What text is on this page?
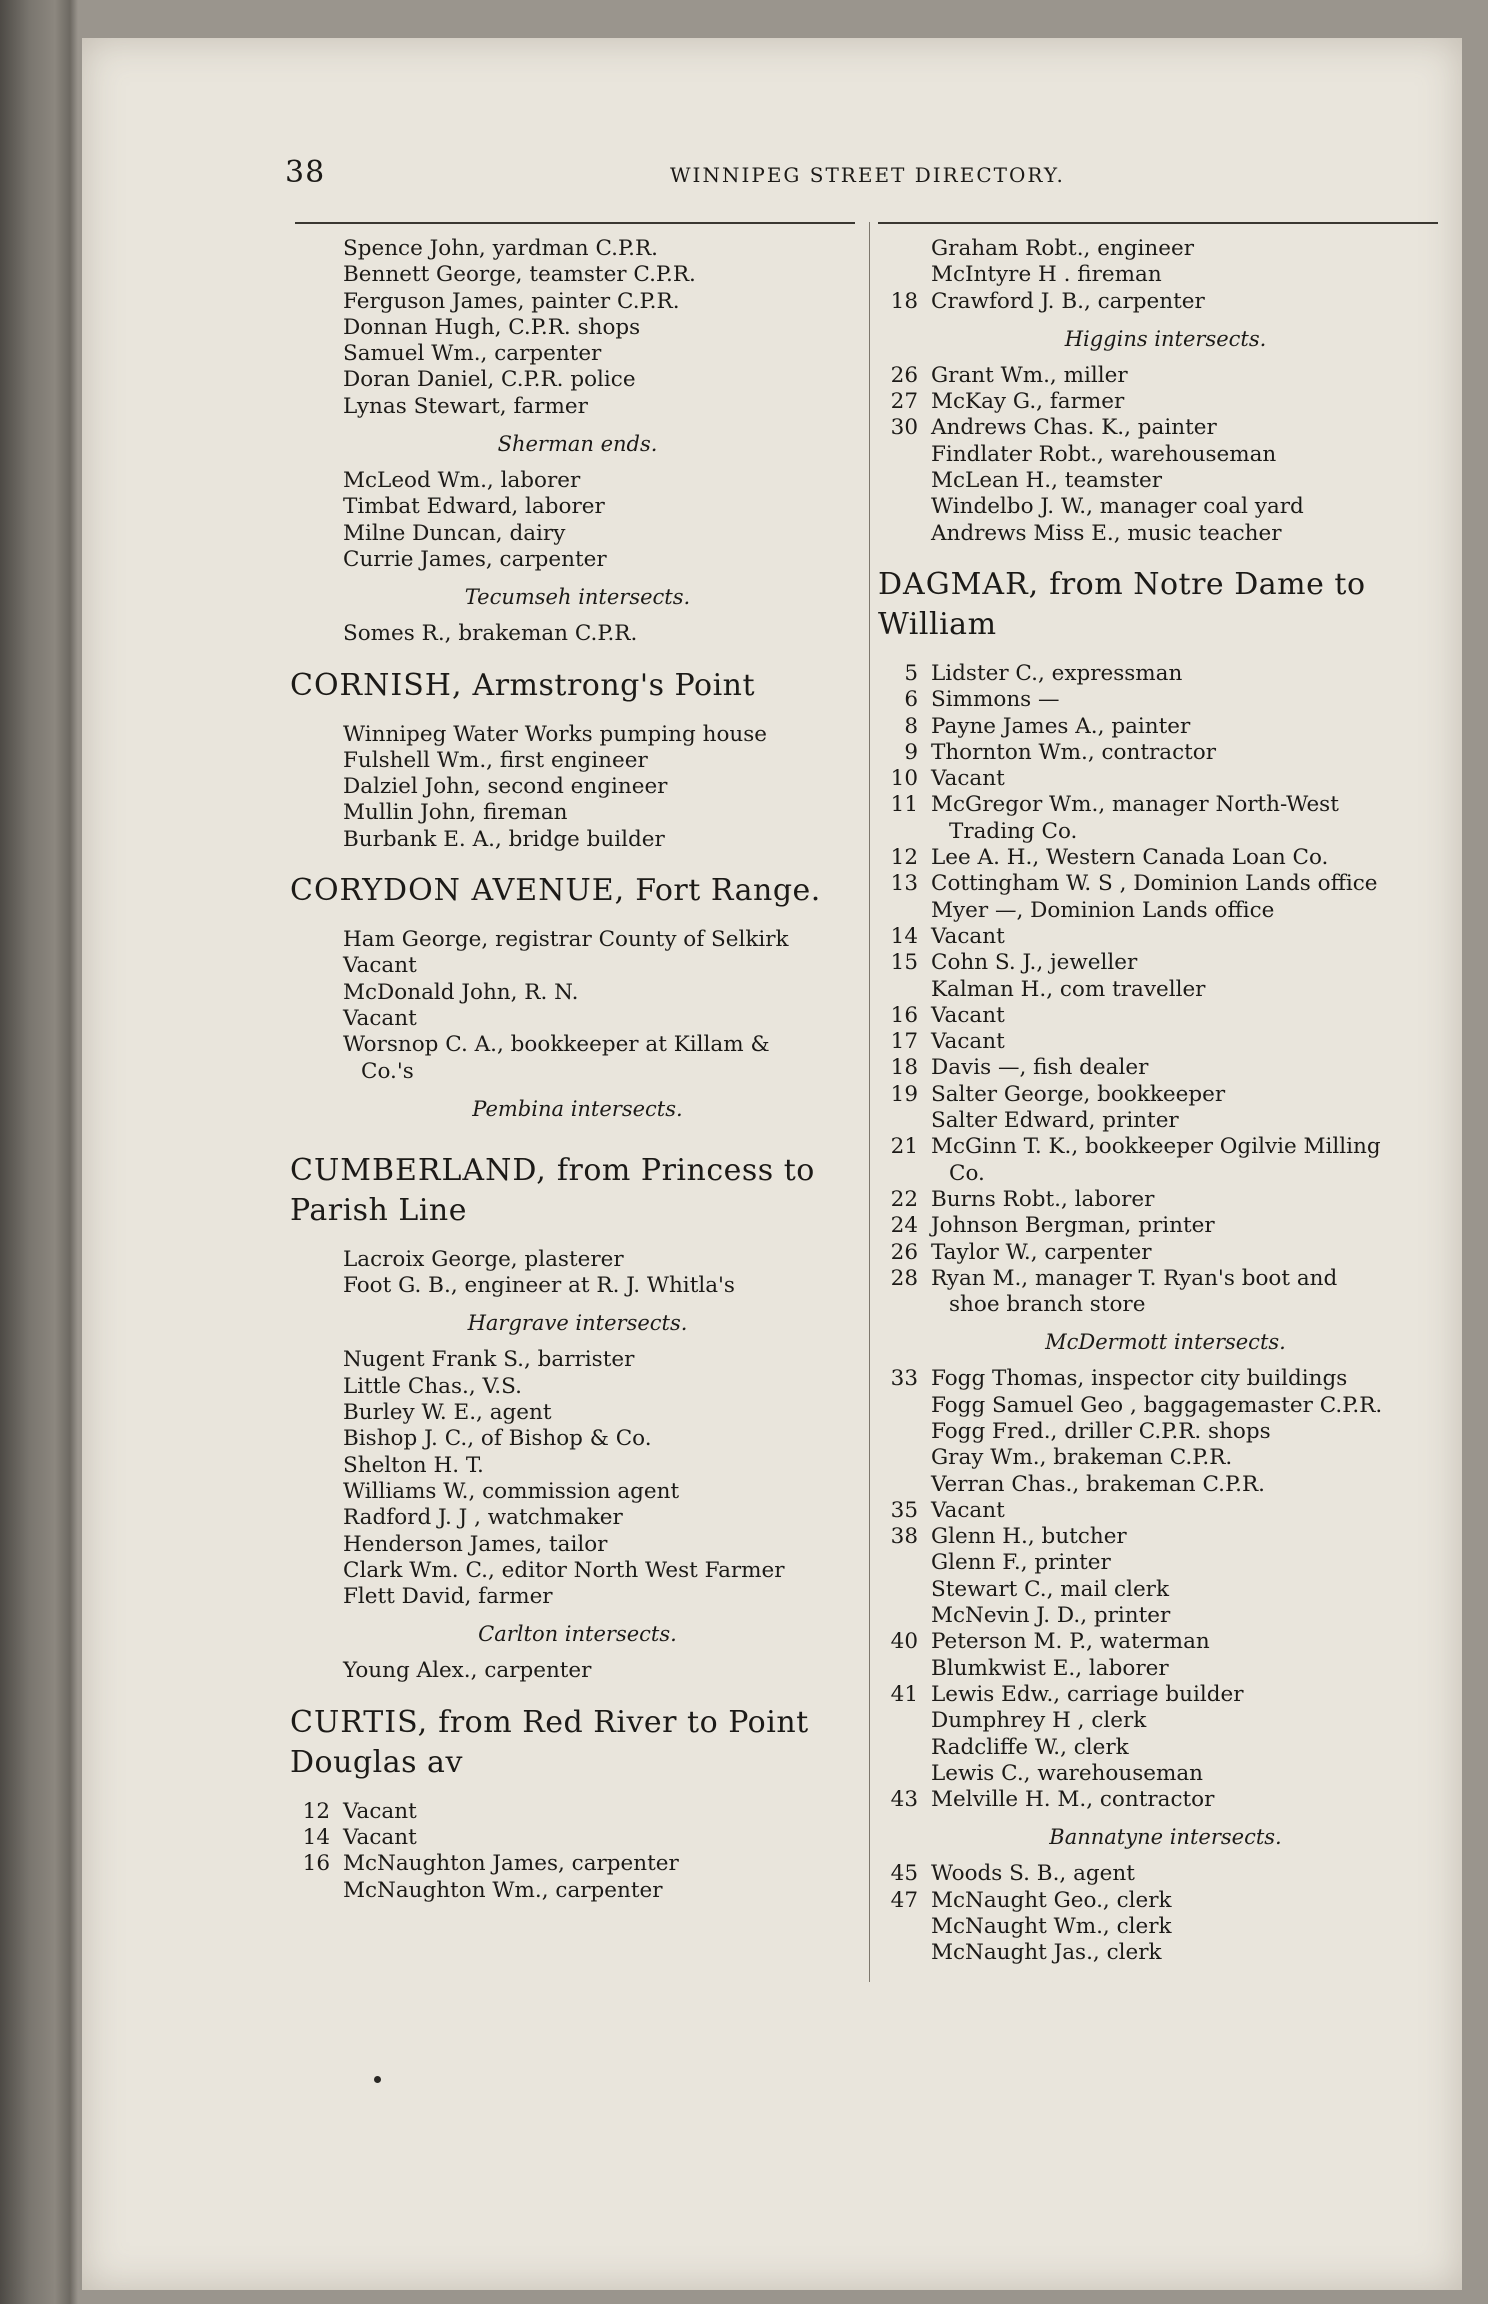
38	WINNIPEG STREET DIRECTORY.
Spence John, yardman C.P.R.
Bennett George, teamster C.P.R.
Ferguson James, painter C.P.R.
Donnan Hugh, C.P.R. shops
Samuel Wm., carpenter
Doran Daniel, C.P.R. police
Lynas Stewart, farmer
Sherman ends.
McLeod Wm., laborer
Timbat Edward, laborer
Milne Duncan, dairy
Currie James, carpenter
Tecumseh intersects.
Somes R., brakeman C.P.R.
CORNISH, Armstrong's Point
Winnipeg Water Works pumping house
Fulshell Wm., first engineer
Dalziel John, second engineer
Mullin John, fireman
Burbank E. A., bridge builder
CORYDON AVENUE, Fort Range.
Ham George, registrar County of Selkirk
Vacant
McDonald John, R. N.
Vacant
Worsnop C. A., bookkeeper at Killam &
Co.'s
Pembina intersects.
CUMBERLAND, from Princess to Parish Line
Lacroix George, plasterer
Foot G. B., engineer at R. J. Whitla's
Hargrave intersects.
Nugent Frank S., barrister
Little Chas., V.S.
Burley W. E., agent
Bishop J. C., of Bishop & Co.
Shelton H. T.
Williams W., commission agent
Radford J. J , watchmaker
Henderson James, tailor
Clark Wm. C., editor North West Farmer
Flett David, farmer
Carlton intersects.
Young Alex., carpenter
CURTIS, from Red River to Point Douglas av
12 Vacant
14 Vacant
16 McNaughton James, carpenter
McNaughton Wm., carpenter
Graham Robt., engineer
McIntyre H . fireman
18 Crawford J. B., carpenter
Higgins intersects.
26 Grant Wm., miller
27 McKay G., farmer
30 Andrews Chas. K., painter
Findlater Robt., warehouseman
McLean H., teamster
Windelbo J. W., manager coal yard
Andrews Miss E., music teacher
DAGMAR, from Notre Dame to William
5 Lidster C., expressman
6 Simmons —
8 Payne James A., painter
9 Thornton Wm., contractor
10 Vacant
11 McGregor Wm., manager North-West
Trading Co.
12 Lee A. H., Western Canada Loan Co.
13 Cottingham W. S , Dominion Lands office
Myer —, Dominion Lands office
14 Vacant
15 Cohn S. J., jeweller
Kalman H., com traveller
16 Vacant
17 Vacant
18 Davis —, fish dealer
19 Salter George, bookkeeper
Salter Edward, printer
21 McGinn T. K., bookkeeper Ogilvie Milling
Co.
22 Burns Robt., laborer
24 Johnson Bergman, printer
26 Taylor W., carpenter
28 Ryan M., manager T. Ryan's boot and
shoe branch store
McDermott intersects.
33 Fogg Thomas, inspector city buildings
Fogg Samuel Geo , baggagemaster C.P.R.
Fogg Fred., driller C.P.R. shops
Gray Wm., brakeman C.P.R.
Verran Chas., brakeman C.P.R.
35 Vacant
38 Glenn H., butcher
Glenn F., printer
Stewart C., mail clerk
McNevin J. D., printer
40 Peterson M. P., waterman
Blumkwist E., laborer
41 Lewis Edw., carriage builder
Dumphrey H , clerk
Radcliffe W., clerk
Lewis C., warehouseman
43 Melville H. M., contractor
Bannatyne intersects.
45 Woods S. B., agent
47 McNaught Geo., clerk
McNaught Wm., clerk
McNaught Jas., clerk
